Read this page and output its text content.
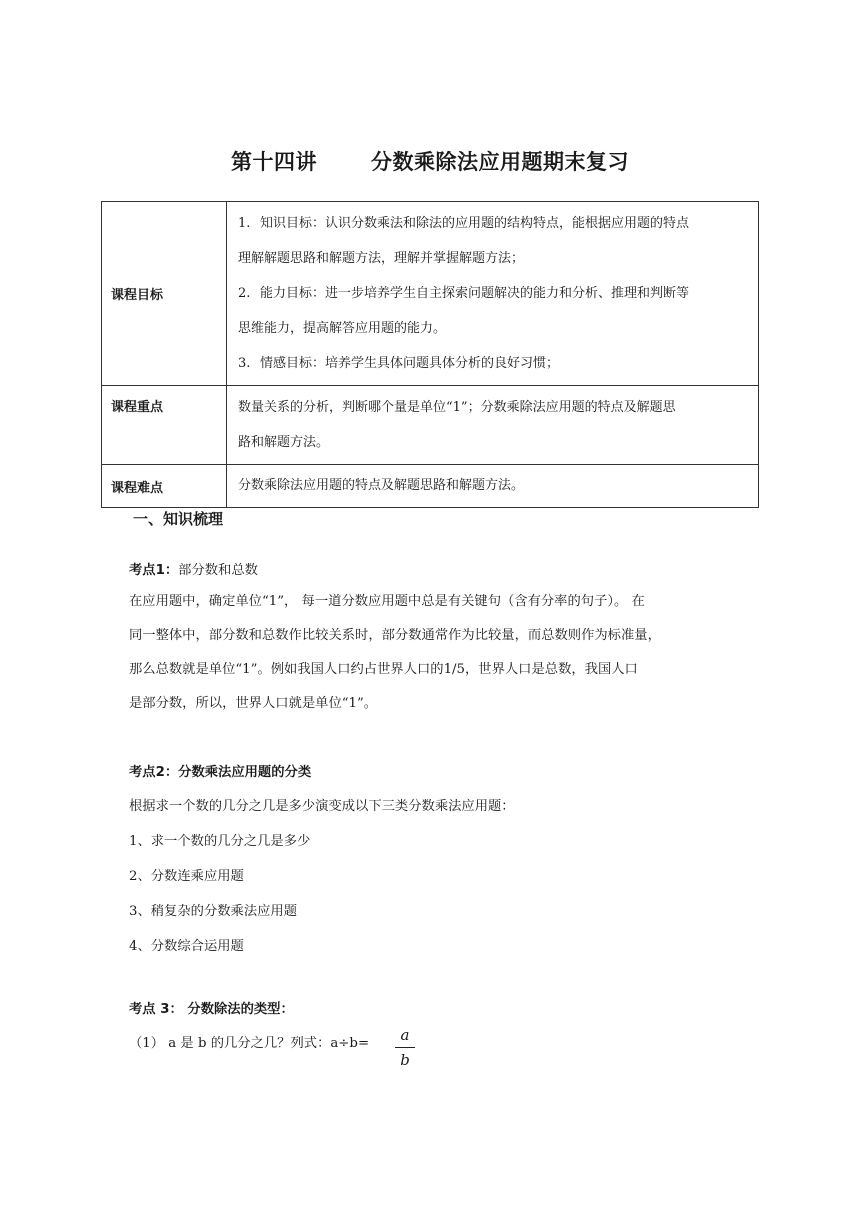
第十四讲	分数乘除法应用题期末复习
课程目标	1. 知识目标：认识分数乘法和除法的应用题的结构特点，能根据应用题的特点
理解解题思路和解题方法，理解并掌握解题方法；
2. 能力目标：进一步培养学生自主探索问题解决的能力和分析、推理和判断等
思维能力，提高解答应用题的能力。
3. 情感目标：培养学生具体问题具体分析的良好习惯；

课程重点	数量关系的分析，判断哪个量是单位“1”；分数乘除法应用题的特点及解题思
路和解题方法。

课程难点	分数乘除法应用题的特点及解题思路和解题方法。
一、知识梳理
考点1：部分数和总数
在应用题中，确定单位“1”， 每一道分数应用题中总是有关键句（含有分率的句子）。 在
同一整体中，部分数和总数作比较关系时，部分数通常作为比较量，而总数则作为标准量，
那么总数就是单位“1”。例如我国人口约占世界人口的1/5，世界人口是总数，我国人口
是部分数，所以，世界人口就是单位“1”。
考点2：分数乘法应用题的分类
根据求一个数的几分之几是多少演变成以下三类分数乘法应用题：
1、求一个数的几分之几是多少
2、分数连乘应用题
3、稍复杂的分数乘法应用题
4、分数综合运用题
考点 3： 分数除法的类型：
（1） a 是 b 的几分之几？列式：a÷b=	a
b
